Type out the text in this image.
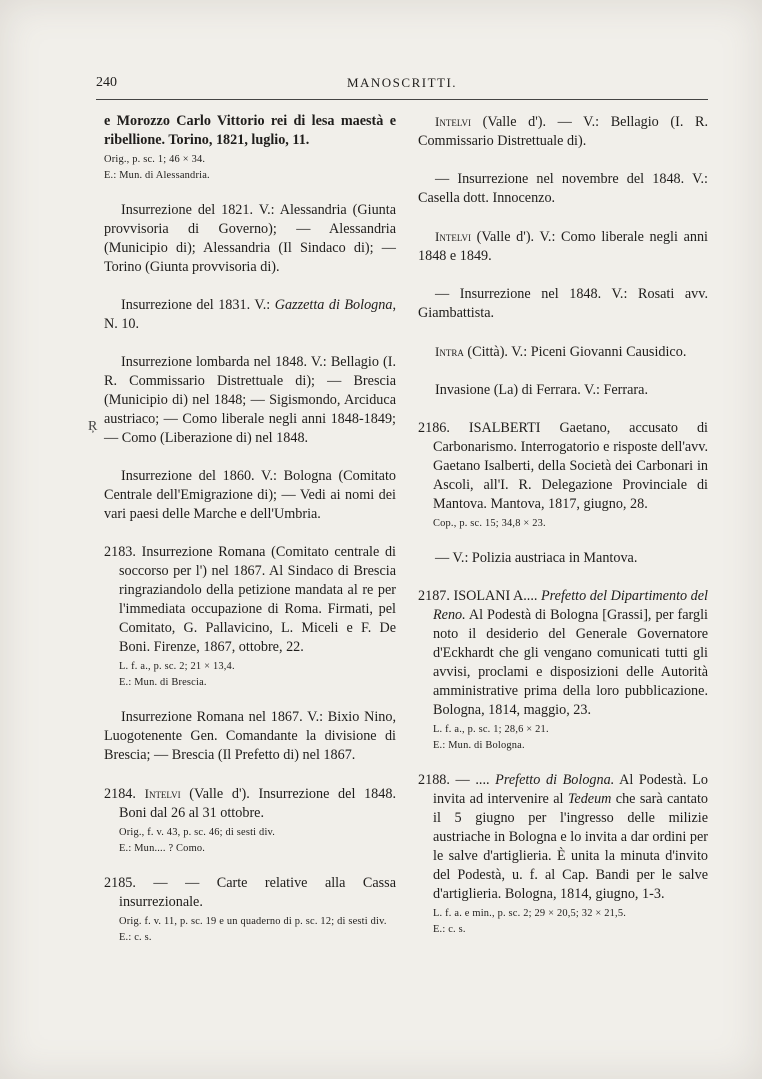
240	MANOSCRITTI.
Ŗ
e Morozzo Carlo Vittorio rei di lesa maestà e ribellione. Torino, 1821, luglio, 11.
Orig., p. sc. 1; 46 × 34.
E.: Mun. di Alessandria.
Insurrezione del 1821. V.: Alessandria (Giunta provvisoria di Governo); — Alessandria (Municipio di); Alessandria (Il Sindaco di); — Torino (Giunta provvisoria di).
Insurrezione del 1831. V.: Gazzetta di Bologna, N. 10.
Insurrezione lombarda nel 1848. V.: Bellagio (I. R. Commissario Distrettuale di); — Brescia (Municipio di) nel 1848; — Sigismondo, Arciduca austriaco; — Como liberale negli anni 1848-1849; — Como (Liberazione di) nel 1848.
Insurrezione del 1860. V.: Bologna (Comitato Centrale dell'Emigrazione di); — Vedi ai nomi dei vari paesi delle Marche e dell'Umbria.
2183. Insurrezione Romana (Comitato centrale di soccorso per l') nel 1867. Al Sindaco di Brescia ringraziandolo della petizione mandata al re per l'immediata occupazione di Roma. Firmati, pel Comitato, G. Pallavicino, L. Miceli e F. De Boni. Firenze, 1867, ottobre, 22.
L. f. a., p. sc. 2; 21 × 13,4.
E.: Mun. di Brescia.
Insurrezione Romana nel 1867. V.: Bixio Nino, Luogotenente Gen. Comandante la divisione di Brescia; — Brescia (Il Prefetto di) nel 1867.
2184. Intelvi (Valle d'). Insurrezione del 1848. Boni dal 26 al 31 ottobre.
Orig., f. v. 43, p. sc. 46; di sesti div.
E.: Mun.... ? Como.
2185. — — Carte relative alla Cassa insurrezionale.
Orig. f. v. 11, p. sc. 19 e un quaderno di p. sc. 12; di sesti div.
E.: c. s.
Intelvi (Valle d'). — V.: Bellagio (I. R. Commissario Distrettuale di).
— Insurrezione nel novembre del 1848. V.: Casella dott. Innocenzo.
Intelvi (Valle d'). V.: Como liberale negli anni 1848 e 1849.
— Insurrezione nel 1848. V.: Rosati avv. Giambattista.
Intra (Città). V.: Piceni Giovanni Causidico.
Invasione (La) di Ferrara. V.: Ferrara.
2186. ISALBERTI Gaetano, accusato di Carbonarismo. Interrogatorio e risposte dell'avv. Gaetano Isalberti, della Società dei Carbonari in Ascoli, all'I. R. Delegazione Provinciale di Mantova. Mantova, 1817, giugno, 28.
Cop., p. sc. 15; 34,8 × 23.
— V.: Polizia austriaca in Mantova.
2187. ISOLANI A.... Prefetto del Dipartimento del Reno. Al Podestà di Bologna [Grassi], per fargli noto il desiderio del Generale Governatore d'Eckhardt che gli vengano comunicati tutti gli avvisi, proclami e disposizioni delle Autorità amministrative prima della loro pubblicazione. Bologna, 1814, maggio, 23.
L. f. a., p. sc. 1; 28,6 × 21.
E.: Mun. di Bologna.
2188. — .... Prefetto di Bologna. Al Podestà. Lo invita ad intervenire al Tedeum che sarà cantato il 5 giugno per l'ingresso delle milizie austriache in Bologna e lo invita a dar ordini per le salve d'artiglieria. È unita la minuta d'invito del Podestà, u. f. al Cap. Bandi per le salve d'artiglieria. Bologna, 1814, giugno, 1-3.
L. f. a. e min., p. sc. 2; 29 × 20,5; 32 × 21,5.
E.: c. s.
